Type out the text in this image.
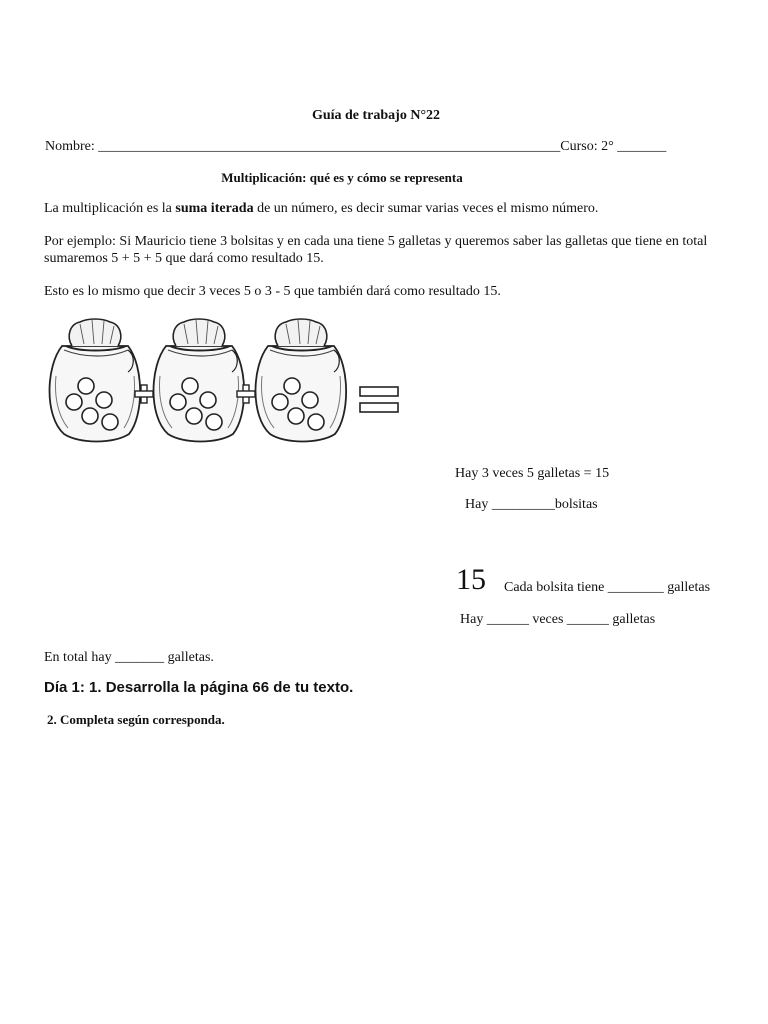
Guía de trabajo N°22
Nombre: __________________________________________________________________Curso: 2° _______
Multiplicación: qué es y cómo se representa
La multiplicación es la suma iterada de un número, es decir sumar varias veces el mismo número.
Por ejemplo: Si Mauricio tiene 3 bolsitas y en cada una tiene 5 galletas y queremos saber las galletas que tiene en total
sumaremos 5 + 5 + 5 que dará como resultado 15.
Esto es lo mismo que decir 3 veces 5 o 3 - 5 que también dará como resultado 15.
Hay 3 veces 5 galletas = 15
Hay _________bolsitas
15 Cada bolsita tiene ________ galletas
Hay ______ veces ______ galletas
En total hay _______ galletas.
Día 1: 1. Desarrolla la página 66 de tu texto.
2. Completa según corresponda.
